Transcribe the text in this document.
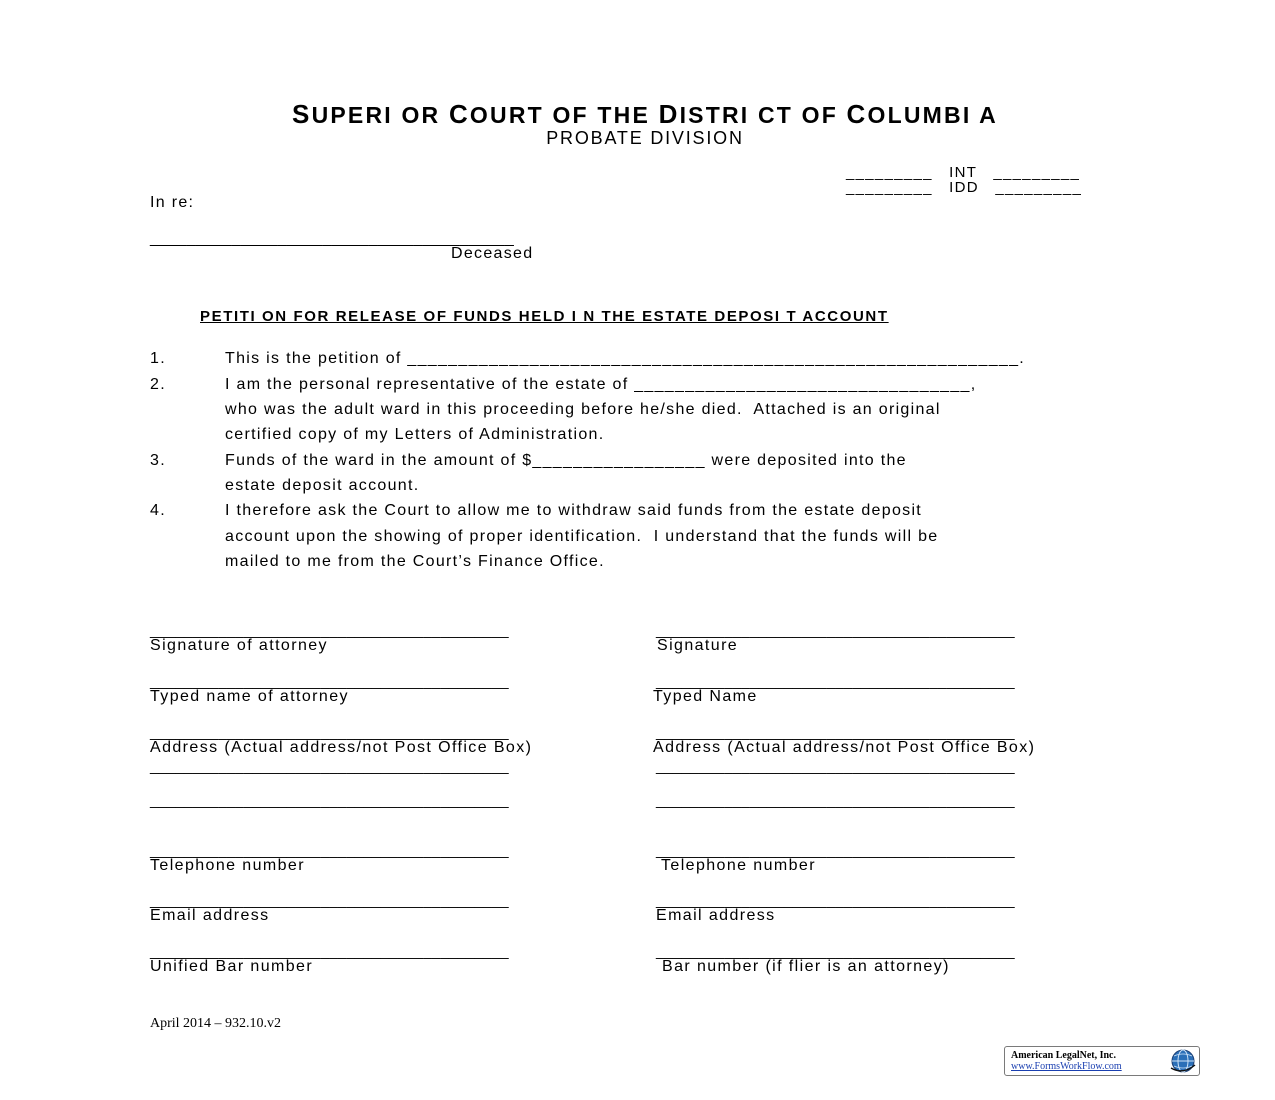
SUPERI OR COURT OF THE DISTRI CT OF COLUMBI A
PROBATE DIVISION
_________   INT   _________
_________   IDD   _________
In re:
________________________________________
Deceased
PETITI ON FOR RELEASE OF FUNDS HELD I N THE ESTATE DEPOSI T ACCOUNT
1.	This is the petition of ____________________________________________________________.
2.	I am the personal representative of the estate of _________________________________,
who was the adult ward in this proceeding before he/she died.  Attached is an original
certified copy of my Letters of Administration.
3.	Funds of the ward in the amount of $_________________ were deposited into the
estate deposit account.
4.	I therefore ask the Court to allow me to withdraw said funds from the estate deposit
account upon the showing of proper identification.  I understand that the funds will be
mailed to me from the Court’s Finance Office.
__________________________________________
Signature of attorney
__________________________________________
Typed name of attorney
__________________________________________
Address (Actual address/not Post Office Box)
__________________________________________
__________________________________________
__________________________________________
Telephone number
__________________________________________
Email address
__________________________________________
Unified Bar number
__________________________________________
Signature
__________________________________________
Typed Name
__________________________________________
Address (Actual address/not Post Office Box)
__________________________________________
__________________________________________
__________________________________________
Telephone number
__________________________________________
Email address
__________________________________________
Bar number (if flier is an attorney)
April 2014 – 932.10.v2
American LegalNet, Inc.
www.FormsWorkFlow.com
